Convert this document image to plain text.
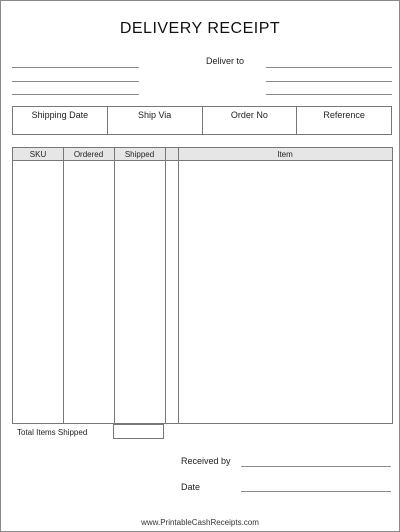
DELIVERY RECEIPT
Deliver to
Shipping Date	Ship Via	Order No	Reference
SKU	Ordered	Shipped	Item
Total Items Shipped
Received by
Date
www.PrintableCashReceipts.com
